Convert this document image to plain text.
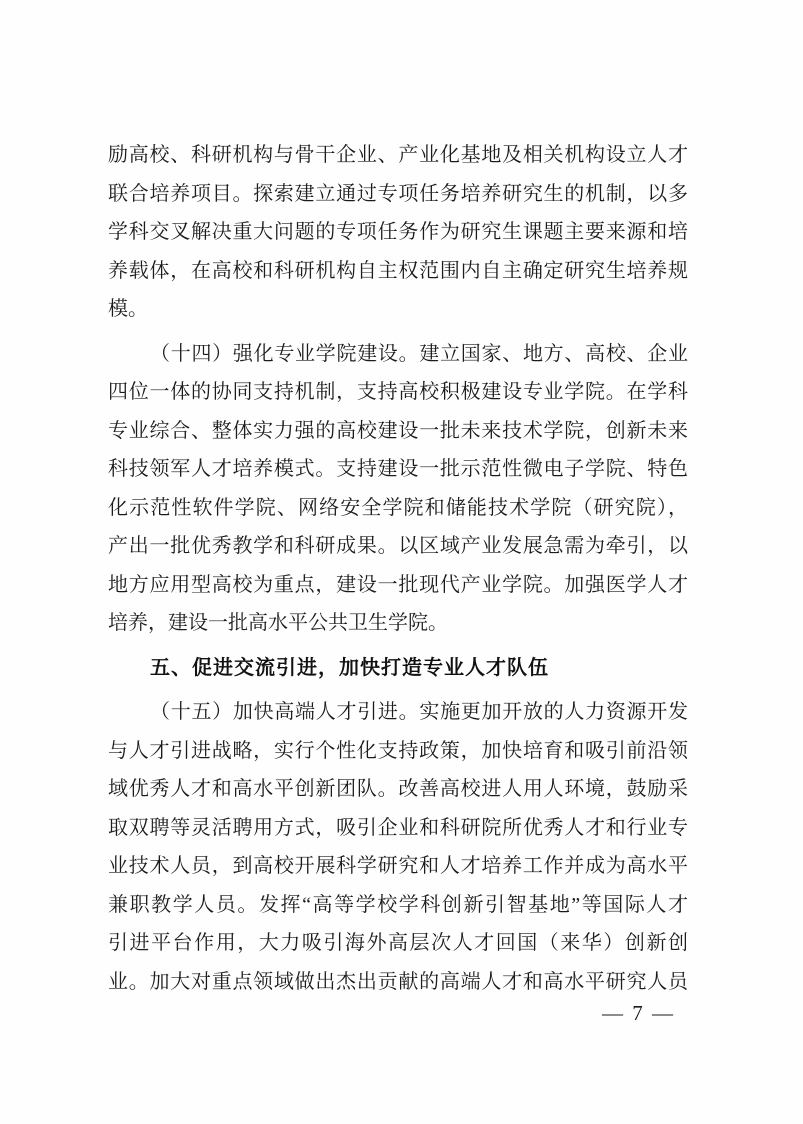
励高校、科研机构与骨干企业、产业化基地及相关机构设立人才
联合培养项目。探索建立通过专项任务培养研究生的机制，以多
学科交叉解决重大问题的专项任务作为研究生课题主要来源和培
养载体，在高校和科研机构自主权范围内自主确定研究生培养规
模。
（十四）强化专业学院建设。建立国家、地方、高校、企业
四位一体的协同支持机制，支持高校积极建设专业学院。在学科
专业综合、整体实力强的高校建设一批未来技术学院，创新未来
科技领军人才培养模式。支持建设一批示范性微电子学院、特色
化示范性软件学院、网络安全学院和储能技术学院（研究院），
产出一批优秀教学和科研成果。以区域产业发展急需为牵引，以
地方应用型高校为重点，建设一批现代产业学院。加强医学人才
培养，建设一批高水平公共卫生学院。
五、促进交流引进，加快打造专业人才队伍
（十五）加快高端人才引进。实施更加开放的人力资源开发
与人才引进战略，实行个性化支持政策，加快培育和吸引前沿领
域优秀人才和高水平创新团队。改善高校进人用人环境，鼓励采
取双聘等灵活聘用方式，吸引企业和科研院所优秀人才和行业专
业技术人员，到高校开展科学研究和人才培养工作并成为高水平
兼职教学人员。发挥“高等学校学科创新引智基地”等国际人才
引进平台作用，大力吸引海外高层次人才回国（来华）创新创
业。加大对重点领域做出杰出贡献的高端人才和高水平研究人员
— 7 —
